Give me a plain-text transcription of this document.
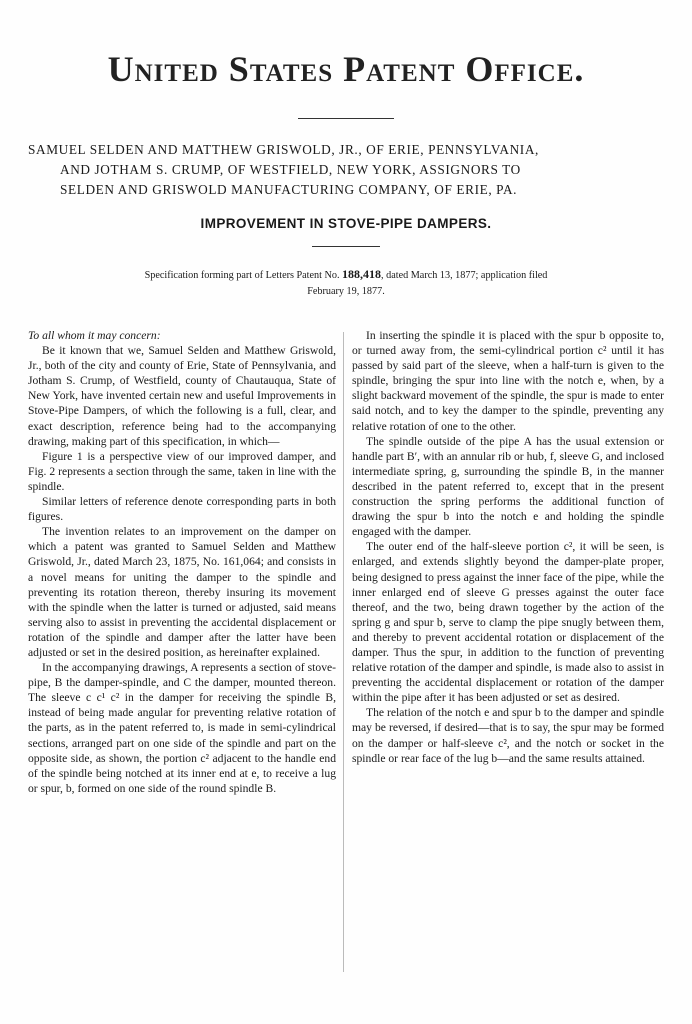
United States Patent Office.
SAMUEL SELDEN AND MATTHEW GRISWOLD, JR., OF ERIE, PENNSYLVANIA,
AND JOTHAM S. CRUMP, OF WESTFIELD, NEW YORK, ASSIGNORS TO
SELDEN AND GRISWOLD MANUFACTURING COMPANY, OF ERIE, PA.
IMPROVEMENT IN STOVE-PIPE DAMPERS.
Specification forming part of Letters Patent No. 188,418, dated March 13, 1877; application filed
February 19, 1877.

To all whom it may concern:

Be it known that we, Samuel Selden and Matthew Griswold, Jr., both of the city and county of Erie, State of Pennsylvania, and Jotham S. Crump, of Westfield, county of Chautauqua, State of New York, have invented certain new and useful Improvements in Stove-Pipe Dampers, of which the following is a full, clear, and exact description, reference being had to the accompanying drawing, making part of this specification, in which—

Figure 1 is a perspective view of our improved damper, and Fig. 2 represents a section through the same, taken in line with the spindle.

Similar letters of reference denote corresponding parts in both figures.

The invention relates to an improvement on the damper on which a patent was granted to Samuel Selden and Matthew Griswold, Jr., dated March 23, 1875, No. 161,064; and consists in a novel means for uniting the damper to the spindle and preventing its rotation thereon, thereby insuring its movement with the spindle when the latter is turned or adjusted, said means serving also to assist in preventing the accidental displacement or rotation of the spindle and damper after the latter have been adjusted or set in the desired position, as hereinafter explained.

In the accompanying drawings, A represents a section of stove-pipe, B the damper-spindle, and C the damper, mounted thereon. The sleeve c c¹ c² in the damper for receiving the spindle B, instead of being made angular for preventing relative rotation of the parts, as in the patent referred to, is made in semi-cylindrical sections, arranged part on one side of the spindle and part on the opposite side, as shown, the portion c² adjacent to the handle end of the spindle being notched at its inner end at e, to receive a lug or spur, b, formed on one side of the round spindle B.

In inserting the spindle it is placed with the spur b opposite to, or turned away from, the semi-cylindrical portion c² until it has passed by said part of the sleeve, when a half-turn is given to the spindle, bringing the spur into line with the notch e, when, by a slight backward movement of the spindle, the spur is made to enter said notch, and to key the damper to the spindle, preventing any relative rotation of one to the other.

The spindle outside of the pipe A has the usual extension or handle part B′, with an annular rib or hub, f, sleeve G, and inclosed intermediate spring, g, surrounding the spindle B, in the manner described in the patent referred to, except that in the present construction the spring performs the additional function of drawing the spur b into the notch e and holding the spindle engaged with the damper.

The outer end of the half-sleeve portion c², it will be seen, is enlarged, and extends slightly beyond the damper-plate proper, being designed to press against the inner face of the pipe, while the inner enlarged end of sleeve G presses against the outer face thereof, and the two, being drawn together by the action of the spring g and spur b, serve to clamp the pipe snugly between them, and thereby to prevent accidental rotation or displacement of the damper. Thus the spur, in addition to the function of preventing relative rotation of the damper and spindle, is made also to assist in preventing the accidental displacement or rotation of the damper within the pipe after it has been adjusted or set as desired.

The relation of the notch e and spur b to the damper and spindle may be reversed, if desired—that is to say, the spur may be formed on the damper or half-sleeve c², and the notch or socket in the spindle or rear face of the lug b—and the same results attained.
